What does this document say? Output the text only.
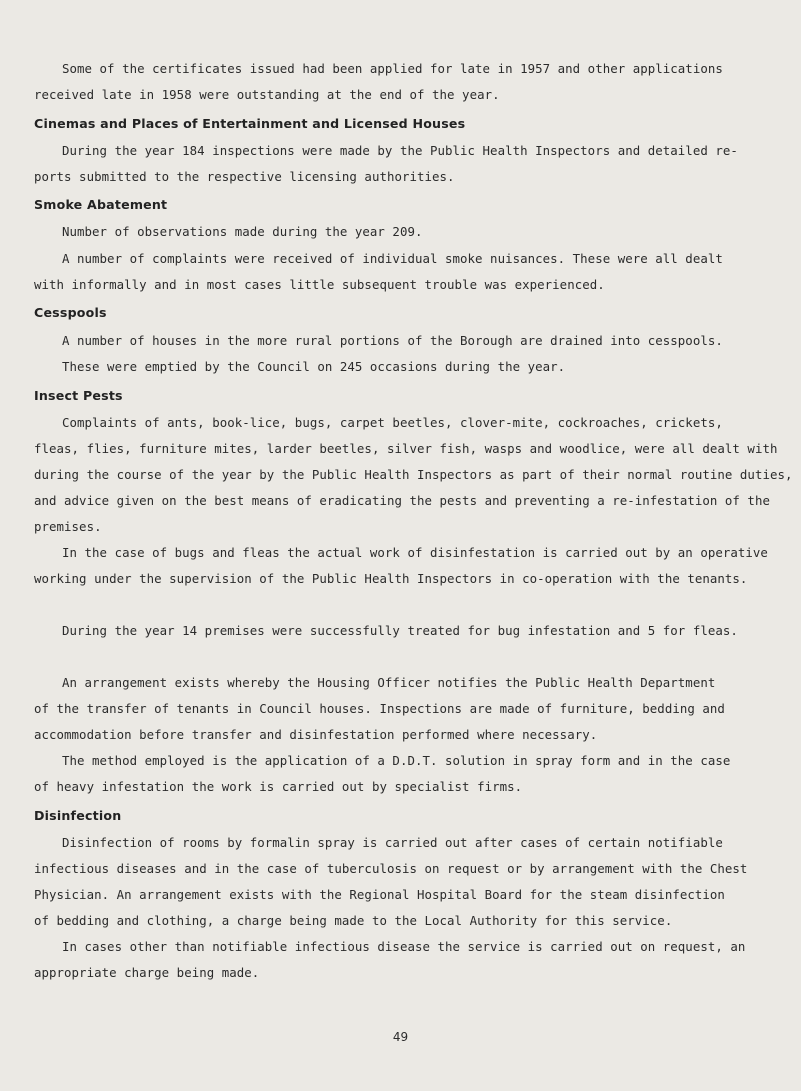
Some of the certificates issued had been applied for late in 1957 and other applications
received late in 1958 were outstanding at the end of the year.
Cinemas and Places of Entertainment and Licensed Houses
During the year 184 inspections were made by the Public Health Inspectors and detailed re-
ports submitted to the respective licensing authorities.
Smoke Abatement
Number of observations made during the year 209.
A number of complaints were received of individual smoke nuisances. These were all dealt
with informally and in most cases little subsequent trouble was experienced.
Cesspools
A number of houses in the more rural portions of the Borough are drained into cesspools.
These were emptied by the Council on 245 occasions during the year.
Insect Pests
Complaints of ants, book-lice, bugs, carpet beetles, clover-mite, cockroaches, crickets,
fleas, flies, furniture mites, larder beetles, silver fish, wasps and woodlice, were all dealt with
during the course of the year by the Public Health Inspectors as part of their normal routine duties,
and advice given on the best means of eradicating the pests and preventing a re-infestation of the
premises.
In the case of bugs and fleas the actual work of disinfestation is carried out by an operative
working under the supervision of the Public Health Inspectors in co-operation with the tenants.
During the year 14 premises were successfully treated for bug infestation and 5 for fleas.
An arrangement exists whereby the Housing Officer notifies the Public Health Department
of the transfer of tenants in Council houses. Inspections are made of furniture, bedding and
accommodation before transfer and disinfestation performed where necessary.
The method employed is the application of a D.D.T. solution in spray form and in the case
of heavy infestation the work is carried out by specialist firms.
Disinfection
Disinfection of rooms by formalin spray is carried out after cases of certain notifiable
infectious diseases and in the case of tuberculosis on request or by arrangement with the Chest
Physician. An arrangement exists with the Regional Hospital Board for the steam disinfection
of bedding and clothing, a charge being made to the Local Authority for this service.
In cases other than notifiable infectious disease the service is carried out on request, an
appropriate charge being made.
49
